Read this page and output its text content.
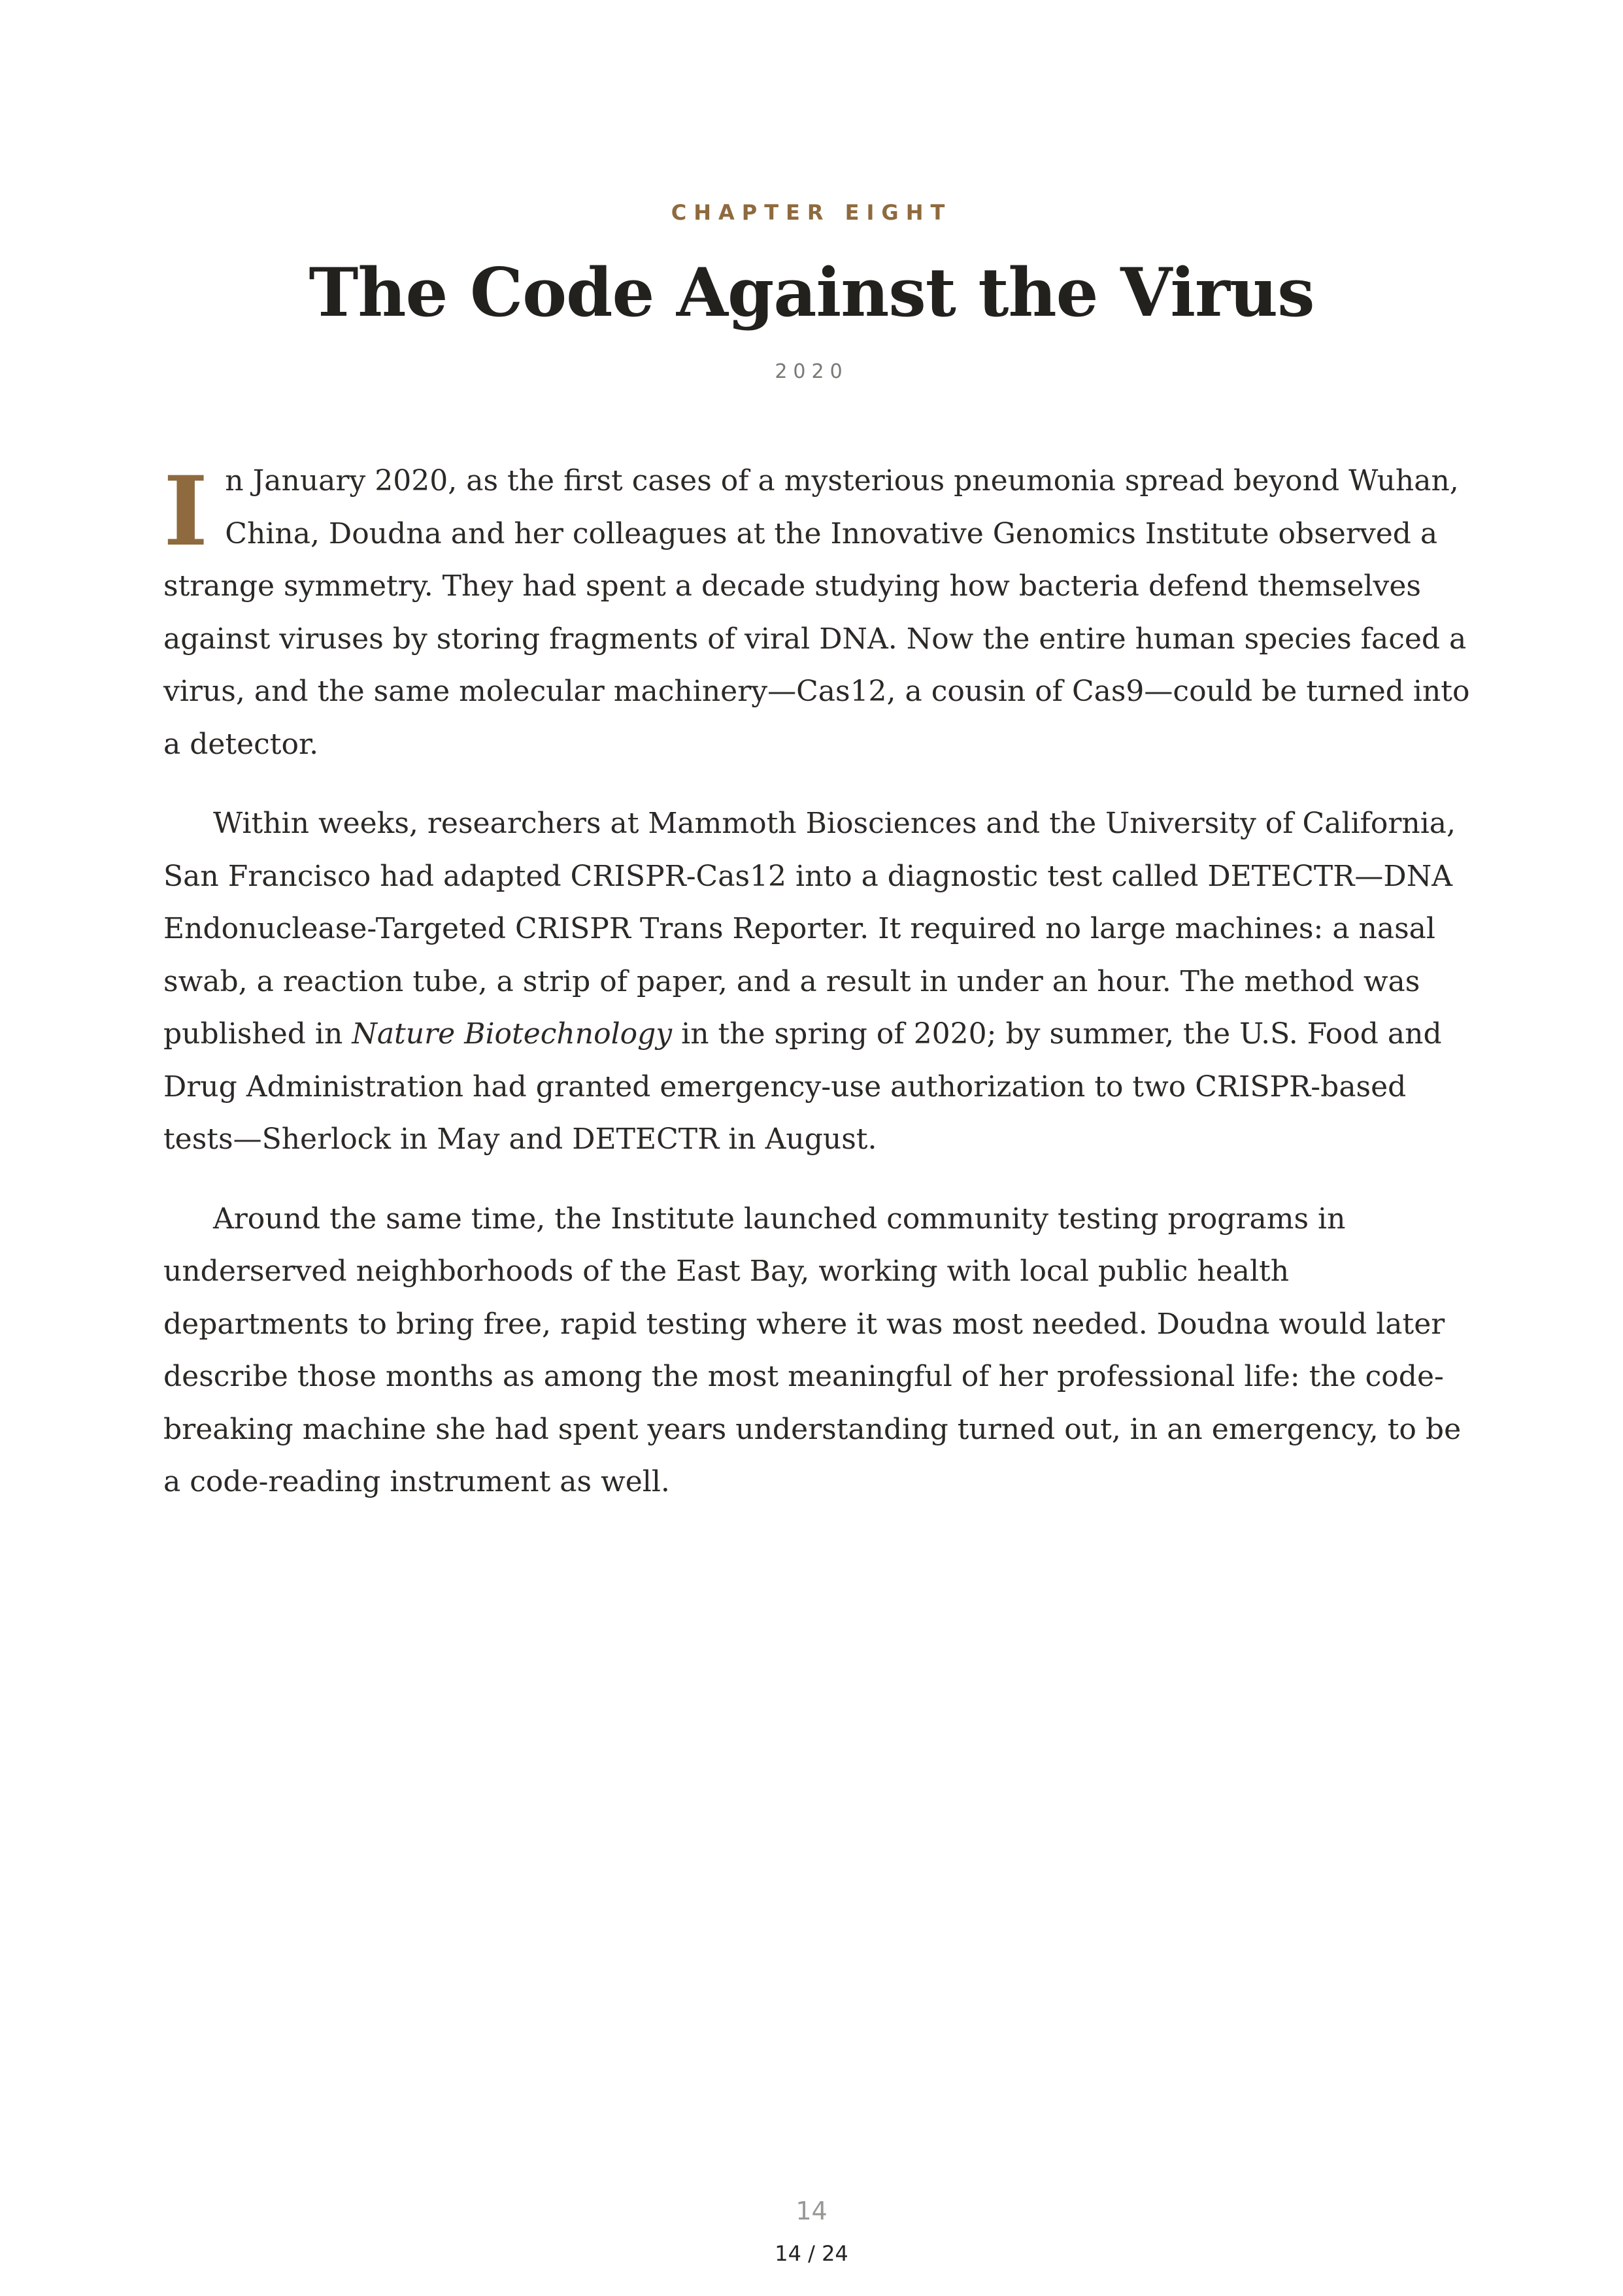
CHAPTER EIGHT
The Code Against the Virus
2020

In January 2020, as the first cases of a mysterious pneumonia spread beyond Wuhan, China, Doudna and her colleagues at the Innovative Genomics Institute observed a strange symmetry. They had spent a decade studying how bacteria defend themselves against viruses by storing fragments of viral DNA. Now the entire human species faced a virus, and the same molecular machinery—Cas12, a cousin of Cas9—could be turned into a detector.

Within weeks, researchers at Mammoth Biosciences and the University of California, San Francisco had adapted CRISPR-Cas12 into a diagnostic test called DETECTR—DNA Endonuclease-Targeted CRISPR Trans Reporter. It required no large machines: a nasal swab, a reaction tube, a strip of paper, and a result in under an hour. The method was published in Nature Biotechnology in the spring of 2020; by summer, the U.S. Food and Drug Administration had granted emergency-use authorization to two CRISPR-based tests—Sherlock in May and DETECTR in August.

Around the same time, the Institute launched community testing programs in underserved neighborhoods of the East Bay, working with local public health departments to bring free, rapid testing where it was most needed. Doudna would later describe those months as among the most meaningful of her professional life: the code-breaking machine she had spent years understanding turned out, in an emergency, to be a code-reading instrument as well.

14
14 / 24
